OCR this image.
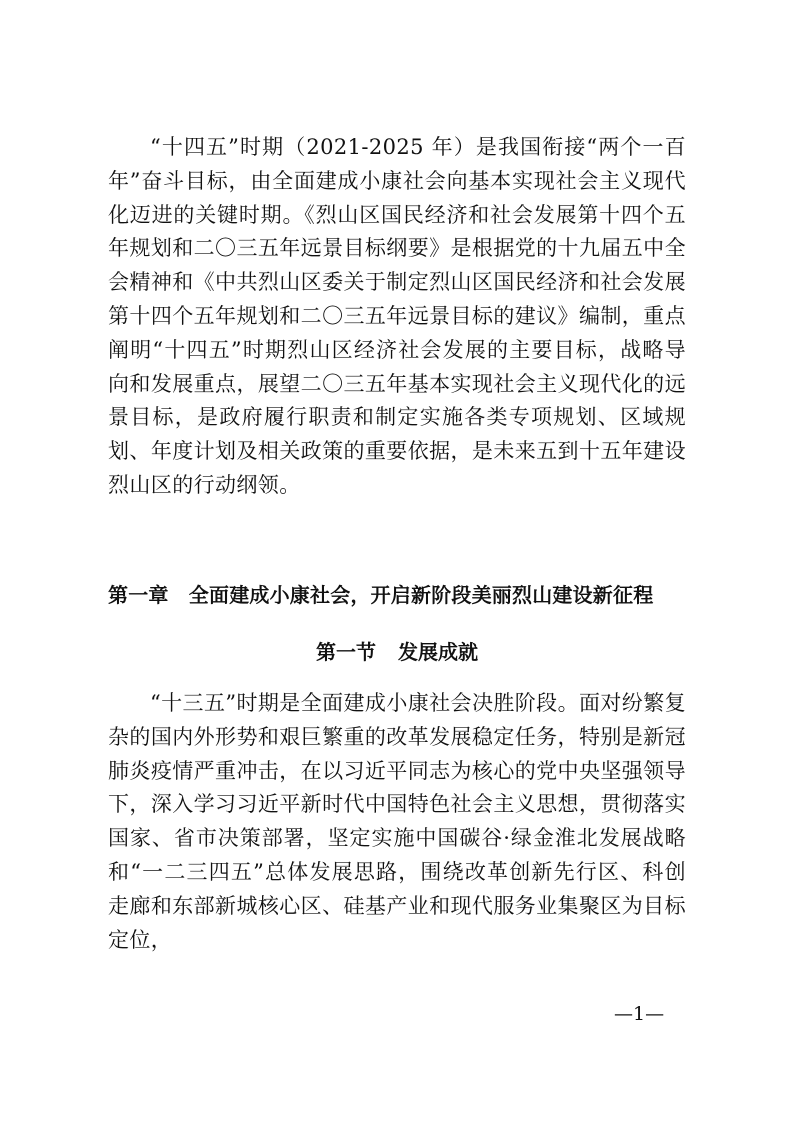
“十四五”时期（2021-2025 年）是我国衔接“两个一百年”奋斗目标，由全面建成小康社会向基本实现社会主义现代化迈进的关键时期。《烈山区国民经济和社会发展第十四个五年规划和二〇三五年远景目标纲要》是根据党的十九届五中全会精神和《中共烈山区委关于制定烈山区国民经济和社会发展第十四个五年规划和二〇三五年远景目标的建议》编制，重点阐明“十四五”时期烈山区经济社会发展的主要目标，战略导向和发展重点，展望二〇三五年基本实现社会主义现代化的远景目标，是政府履行职责和制定实施各类专项规划、区域规划、年度计划及相关政策的重要依据，是未来五到十五年建设烈山区的行动纲领。

第一章　全面建成小康社会，开启新阶段美丽烈山建设新征程
第一节 发展成就

“十三五”时期是全面建成小康社会决胜阶段。面对纷繁复杂的国内外形势和艰巨繁重的改革发展稳定任务，特别是新冠肺炎疫情严重冲击，在以习近平同志为核心的党中央坚强领导下，深入学习习近平新时代中国特色社会主义思想，贯彻落实国家、省市决策部署，坚定实施中国碳谷·绿金淮北发展战略和“一二三四五”总体发展思路，围绕改革创新先行区、科创走廊和东部新城核心区、硅基产业和现代服务业集聚区为目标定位，

—1—
